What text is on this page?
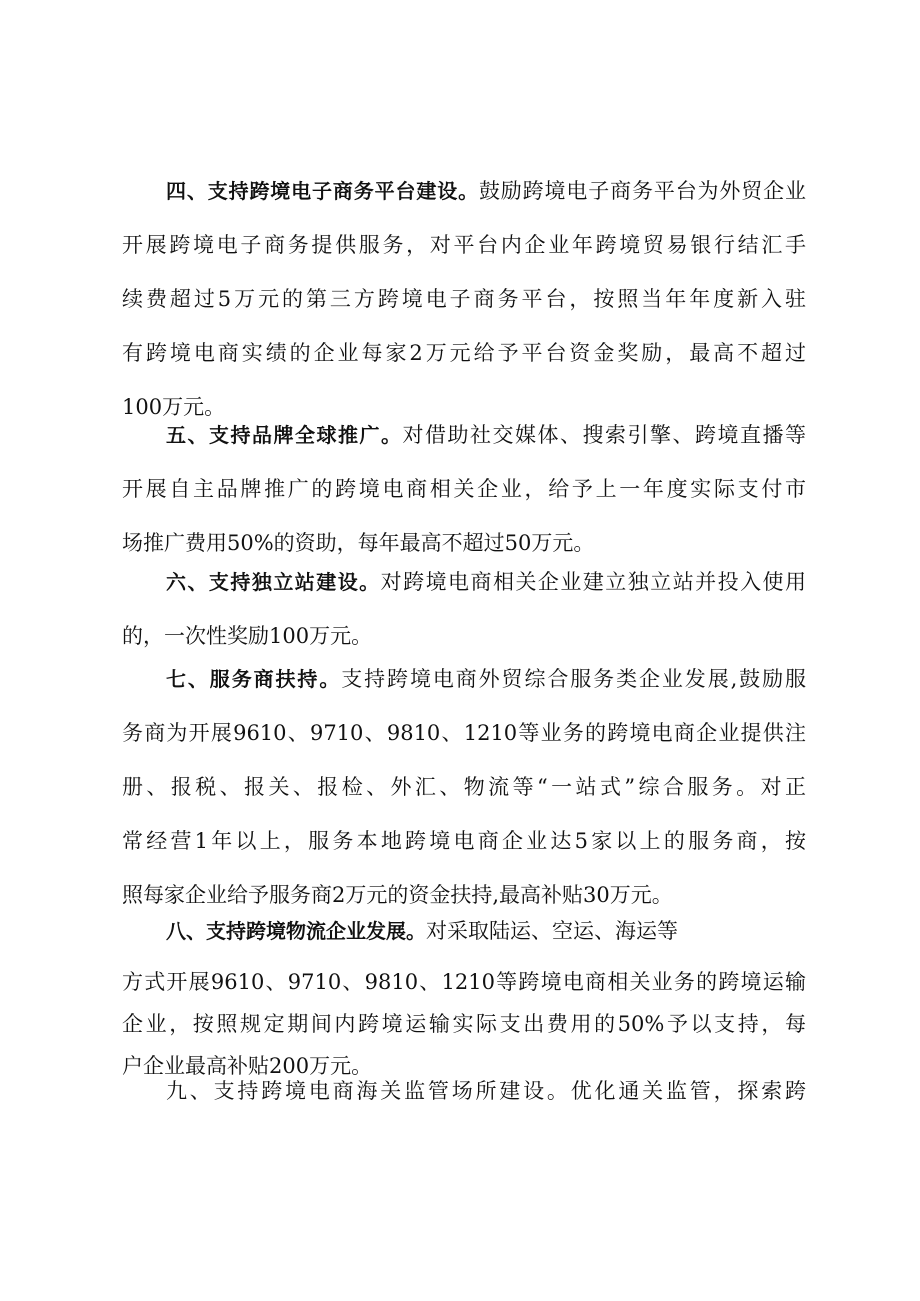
四、支持跨境电子商务平台建设。鼓励跨境电子商务平台为外贸企业
开展跨境电子商务提供服务，对平台内企业年跨境贸易银行结汇手
续费超过5万元的第三方跨境电子商务平台，按照当年年度新入驻
有跨境电商实绩的企业每家2万元给予平台资金奖励，最高不超过
100万元。
五、支持品牌全球推广。对借助社交媒体、搜索引擎、跨境直播等
开展自主品牌推广的跨境电商相关企业，给予上一年度实际支付市
场推广费用50%的资助，每年最高不超过50万元。
六、支持独立站建设。对跨境电商相关企业建立独立站并投入使用
的，一次性奖励100万元。
七、服务商扶持。支持跨境电商外贸综合服务类企业发展,鼓励服
务商为开展9610、9710、9810、1210等业务的跨境电商企业提供注
册、报税、报关、报检、外汇、物流等“一站式”综合服务。对正
常经营1年以上，服务本地跨境电商企业达5家以上的服务商，按
照每家企业给予服务商2万元的资金扶持,最高补贴30万元。
八、支持跨境物流企业发展。对采取陆运、空运、海运等
方式开展9610、9710、9810、1210等跨境电商相关业务的跨境运输
企业，按照规定期间内跨境运输实际支出费用的50%予以支持，每
户企业最高补贴200万元。
九、支持跨境电商海关监管场所建设。优化通关监管，探索跨
